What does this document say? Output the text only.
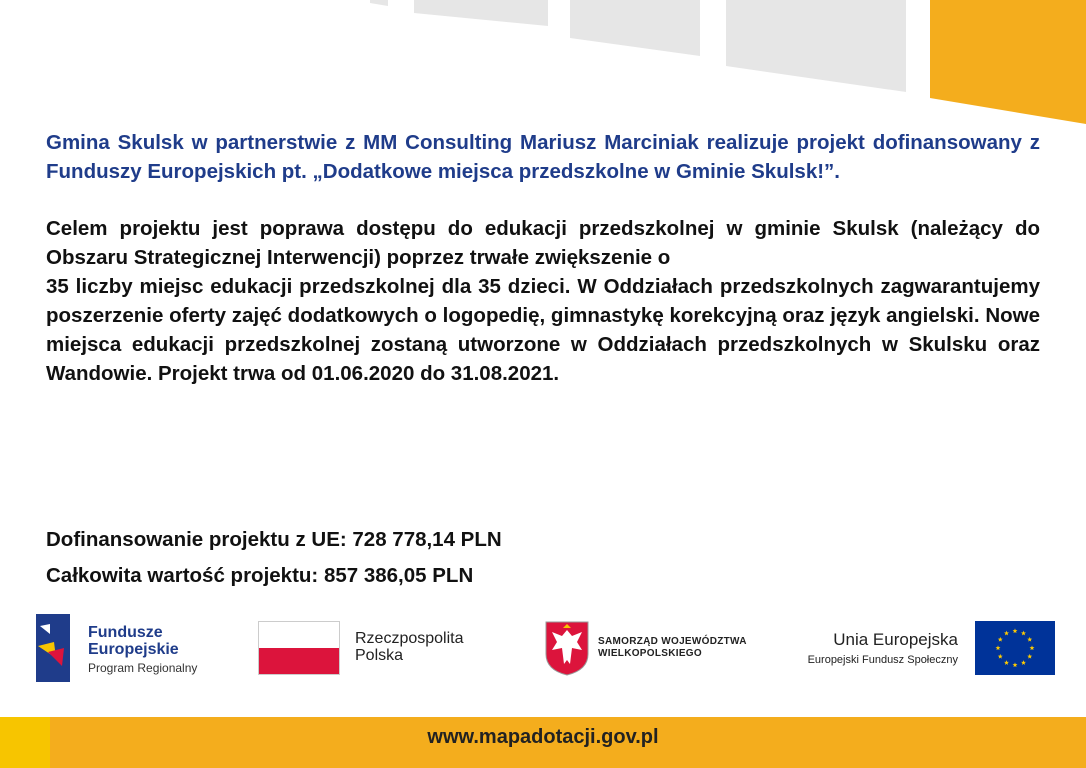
Gmina Skulsk w partnerstwie z MM Consulting Mariusz Marciniak realizuje projekt dofinansowany z Funduszy Europejskich pt. „Dodatkowe miejsca przedszkolne w Gminie Skulsk!”.

Celem projektu jest poprawa dostępu do edukacji przedszkolnej w gminie Skulsk (należący do Obszaru Strategicznej Interwencji) poprzez trwałe zwiększenie o
35 liczby miejsc edukacji przedszkolnej dla 35 dzieci. W Oddziałach przedszkolnych zagwarantujemy poszerzenie oferty zajęć dodatkowych o logopedię, gimnastykę korekcyjną oraz język angielski. Nowe miejsca edukacji przedszkolnej zostaną utworzone w Oddziałach przedszkolnych w Skulsku oraz Wandowie. Projekt trwa od 01.06.2020 do 31.08.2021.

Dofinansowanie projektu z UE: 728 778,14 PLN
Całkowita wartość projektu: 857 386,05 PLN
Fundusze
Europejskie
Program Regionalny
Rzeczpospolita
Polska
SAMORZĄD WOJEWÓDZTWA
WIELKOPOLSKIEGO
Unia Europejska
Europejski Fundusz Społeczny
www.mapadotacji.gov.pl
